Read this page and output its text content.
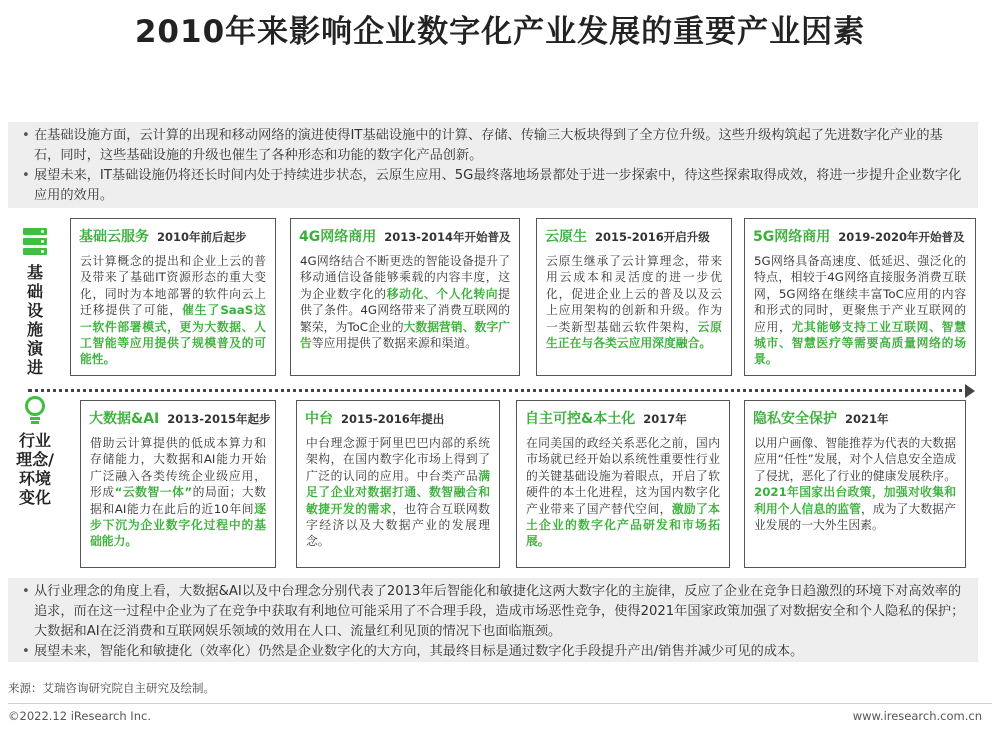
2010年来影响企业数字化产业发展的重要产业因素
• 在基础设施方面，云计算的出现和移动网络的演进使得IT基础设施中的计算、存储、传输三大板块得到了全方位升级。这些升级构筑起了先进数字化产业的基石，同时，这些基础设施的升级也催生了各种形态和功能的数字化产品创新。
• 展望未来，IT基础设施仍将还长时间内处于持续进步状态，云原生应用、5G最终落地场景都处于进一步探索中，待这些探索取得成效，将进一步提升企业数字化应用的效用。
基础设施演进
基础云服务 2010年前后起步
云计算概念的提出和企业上云的普及带来了基础IT资源形态的重大变化，同时为本地部署的软件向云上迁移提供了可能，催生了SaaS这一软件部署模式，更为大数据、人工智能等应用提供了规模普及的可能性。
4G网络商用 2013-2014年开始普及
4G网络结合不断更迭的智能设备提升了移动通信设备能够乘载的内容丰度，这为企业数字化的移动化、个人化转向提供了条件。4G网络带来了消费互联网的繁荣，为ToC企业的大数据营销、数字广告等应用提供了数据来源和渠道。
云原生 2015-2016开启升级
云原生继承了云计算理念，带来用云成本和灵活度的进一步优化，促进企业上云的普及以及云上应用架构的创新和升级。作为一类新型基础云软件架构，云原生正在与各类云应用深度融合。
5G网络商用 2019-2020年开始普及
5G网络具备高速度、低延迟、强泛化的特点，相较于4G网络直接服务消费互联网，5G网络在继续丰富ToC应用的内容和形式的同时，更聚焦于产业互联网的应用，尤其能够支持工业互联网、智慧城市、智慧医疗等需要高质量网络的场景。
行业理念/
环境变化
大数据&AI 2013-2015年起步
借助云计算提供的低成本算力和存储能力，大数据和AI能力开始广泛融入各类传统企业级应用，形成“云数智一体”的局面；大数据和AI能力在此后的近10年间逐步下沉为企业数字化过程中的基础能力。
中台 2015-2016年提出
中台理念源于阿里巴巴内部的系统架构，在国内数字化市场上得到了广泛的认同的应用。中台类产品满足了企业对数据打通、数智融合和敏捷开发的需求，也符合互联网数字经济以及大数据产业的发展理念。
自主可控&本土化 2017年
在同美国的政经关系恶化之前，国内市场就已经开始以系统性重要性行业的关键基础设施为着眼点，开启了软硬件的本土化进程，这为国内数字化产业带来了国产替代空间，激励了本土企业的数字化产品研发和市场拓展。
隐私安全保护 2021年
以用户画像、智能推荐为代表的大数据应用“任性”发展，对个人信息安全造成了侵扰，恶化了行业的健康发展秩序。2021年国家出台政策，加强对收集和利用个人信息的监管，成为了大数据产业发展的一大外生因素。
• 从行业理念的角度上看，大数据&AI以及中台理念分别代表了2013年后智能化和敏捷化这两大数字化的主旋律，反应了企业在竞争日趋激烈的环境下对高效率的追求，而在这一过程中企业为了在竞争中获取有利地位可能采用了不合理手段，造成市场恶性竞争，使得2021年国家政策加强了对数据安全和个人隐私的保护；大数据和AI在泛消费和互联网娱乐领域的效用在人口、流量红利见顶的情况下也面临瓶颈。
• 展望未来，智能化和敏捷化（效率化）仍然是企业数字化的大方向，其最终目标是通过数字化手段提升产出/销售并减少可见的成本。
来源：艾瑞咨询研究院自主研究及绘制。
©2022.12 iResearch Inc.	www.iresearch.com.cn
